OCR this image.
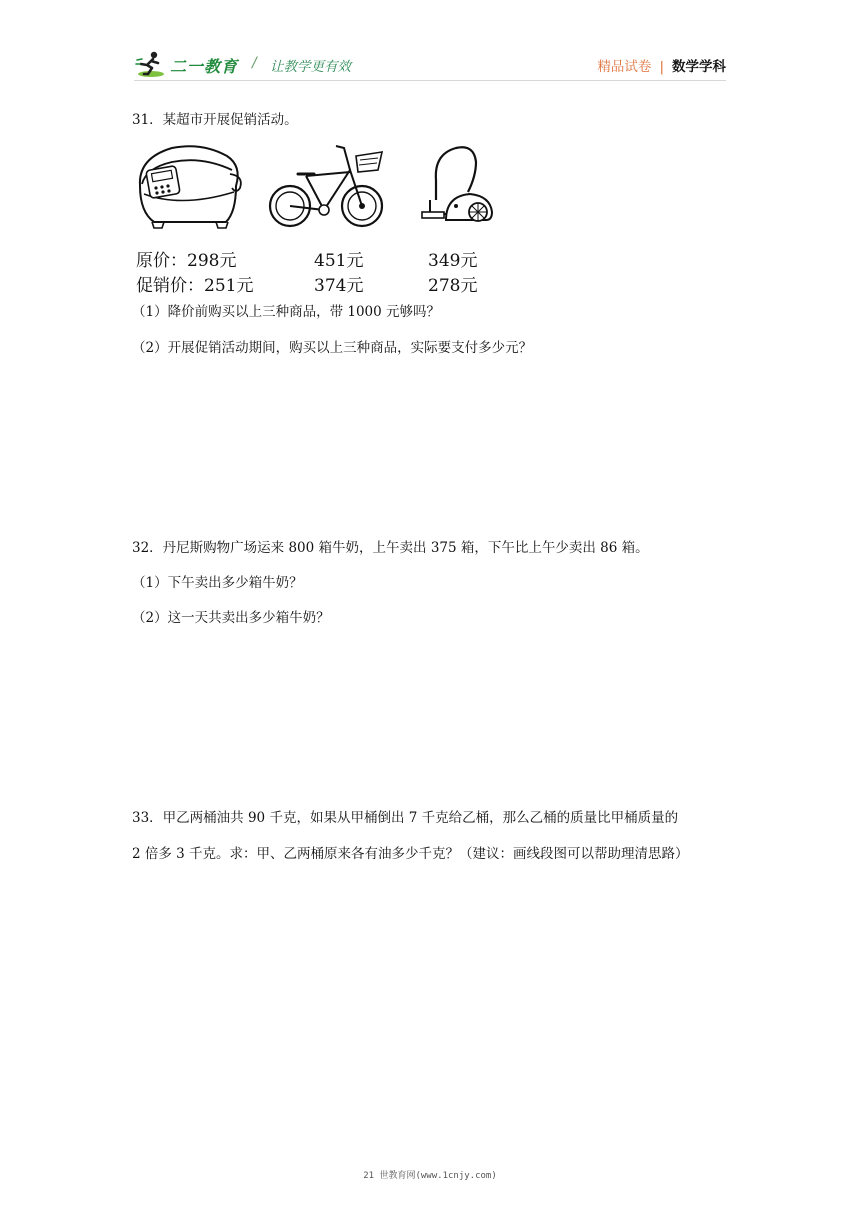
二一教育 / 让教学更有效	精品试卷 | 数学学科
31．某超市开展促销活动。
原价：298元	451元	349元
促销价：251元	374元	278元
（1）降价前购买以上三种商品，带 1000 元够吗？
（2）开展促销活动期间，购买以上三种商品，实际要支付多少元？
32．丹尼斯购物广场运来 800 箱牛奶，上午卖出 375 箱，下午比上午少卖出 86 箱。
（1）下午卖出多少箱牛奶？
（2）这一天共卖出多少箱牛奶？
33．甲乙两桶油共 90 千克，如果从甲桶倒出 7 千克给乙桶，那么乙桶的质量比甲桶质量的
2 倍多 3 千克。求：甲、乙两桶原来各有油多少千克？（建议：画线段图可以帮助理清思路）
21 世教育网(www.1cnjy.com)
